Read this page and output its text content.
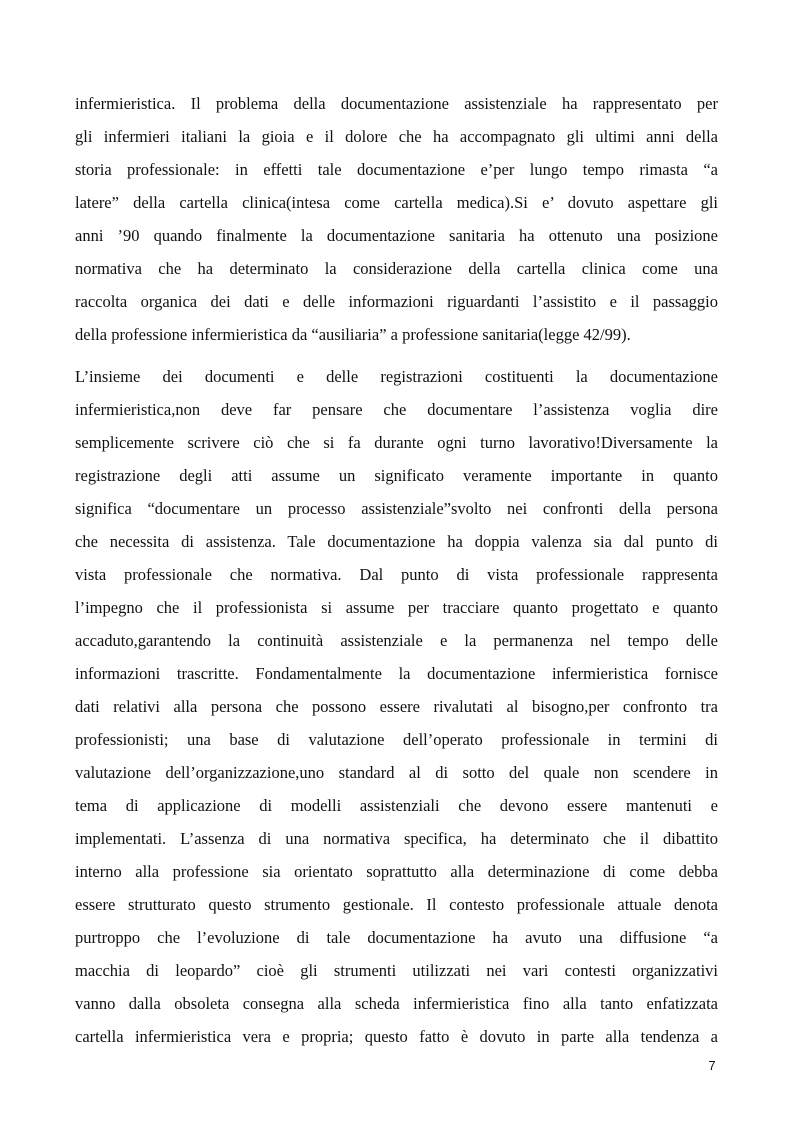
infermieristica. Il problema della documentazione assistenziale ha rappresentato per
gli infermieri italiani la gioia e il dolore che ha accompagnato gli ultimi anni della
storia professionale: in effetti tale documentazione e’per lungo tempo rimasta “a
latere” della cartella clinica(intesa come cartella medica).Si e’ dovuto aspettare gli
anni ’90 quando finalmente la documentazione sanitaria ha ottenuto una posizione
normativa che ha determinato la considerazione della cartella clinica come una
raccolta organica dei dati e delle informazioni riguardanti l’assistito e il passaggio
della professione infermieristica da “ausiliaria” a professione sanitaria(legge 42/99).
L’insieme dei documenti e delle registrazioni costituenti la documentazione
infermieristica,non deve far pensare che documentare l’assistenza voglia dire
semplicemente scrivere ciò che si fa durante ogni turno lavorativo!Diversamente la
registrazione degli atti assume un significato veramente importante in quanto
significa “documentare un processo assistenziale”svolto nei confronti della persona
che necessita di assistenza. Tale documentazione ha doppia valenza sia dal punto di
vista professionale che normativa. Dal punto di vista professionale rappresenta
l’impegno che il professionista si assume per tracciare quanto progettato e quanto
accaduto,garantendo la continuità assistenziale e la permanenza nel tempo delle
informazioni trascritte. Fondamentalmente la documentazione infermieristica fornisce
dati relativi alla persona che possono essere rivalutati al bisogno,per confronto tra
professionisti; una base di valutazione dell’operato professionale in termini di
valutazione dell’organizzazione,uno standard al di sotto del quale non scendere in
tema di applicazione di modelli assistenziali che devono essere mantenuti e
implementati. L’assenza di una normativa specifica, ha determinato che il dibattito
interno alla professione sia orientato soprattutto alla determinazione di come debba
essere strutturato questo strumento gestionale. Il contesto professionale attuale denota
purtroppo che l’evoluzione di tale documentazione ha avuto una diffusione “a
macchia di leopardo” cioè gli strumenti utilizzati nei vari contesti organizzativi
vanno dalla obsoleta consegna alla scheda infermieristica fino alla tanto enfatizzata
cartella infermieristica vera e propria; questo fatto è dovuto in parte alla tendenza a
7
